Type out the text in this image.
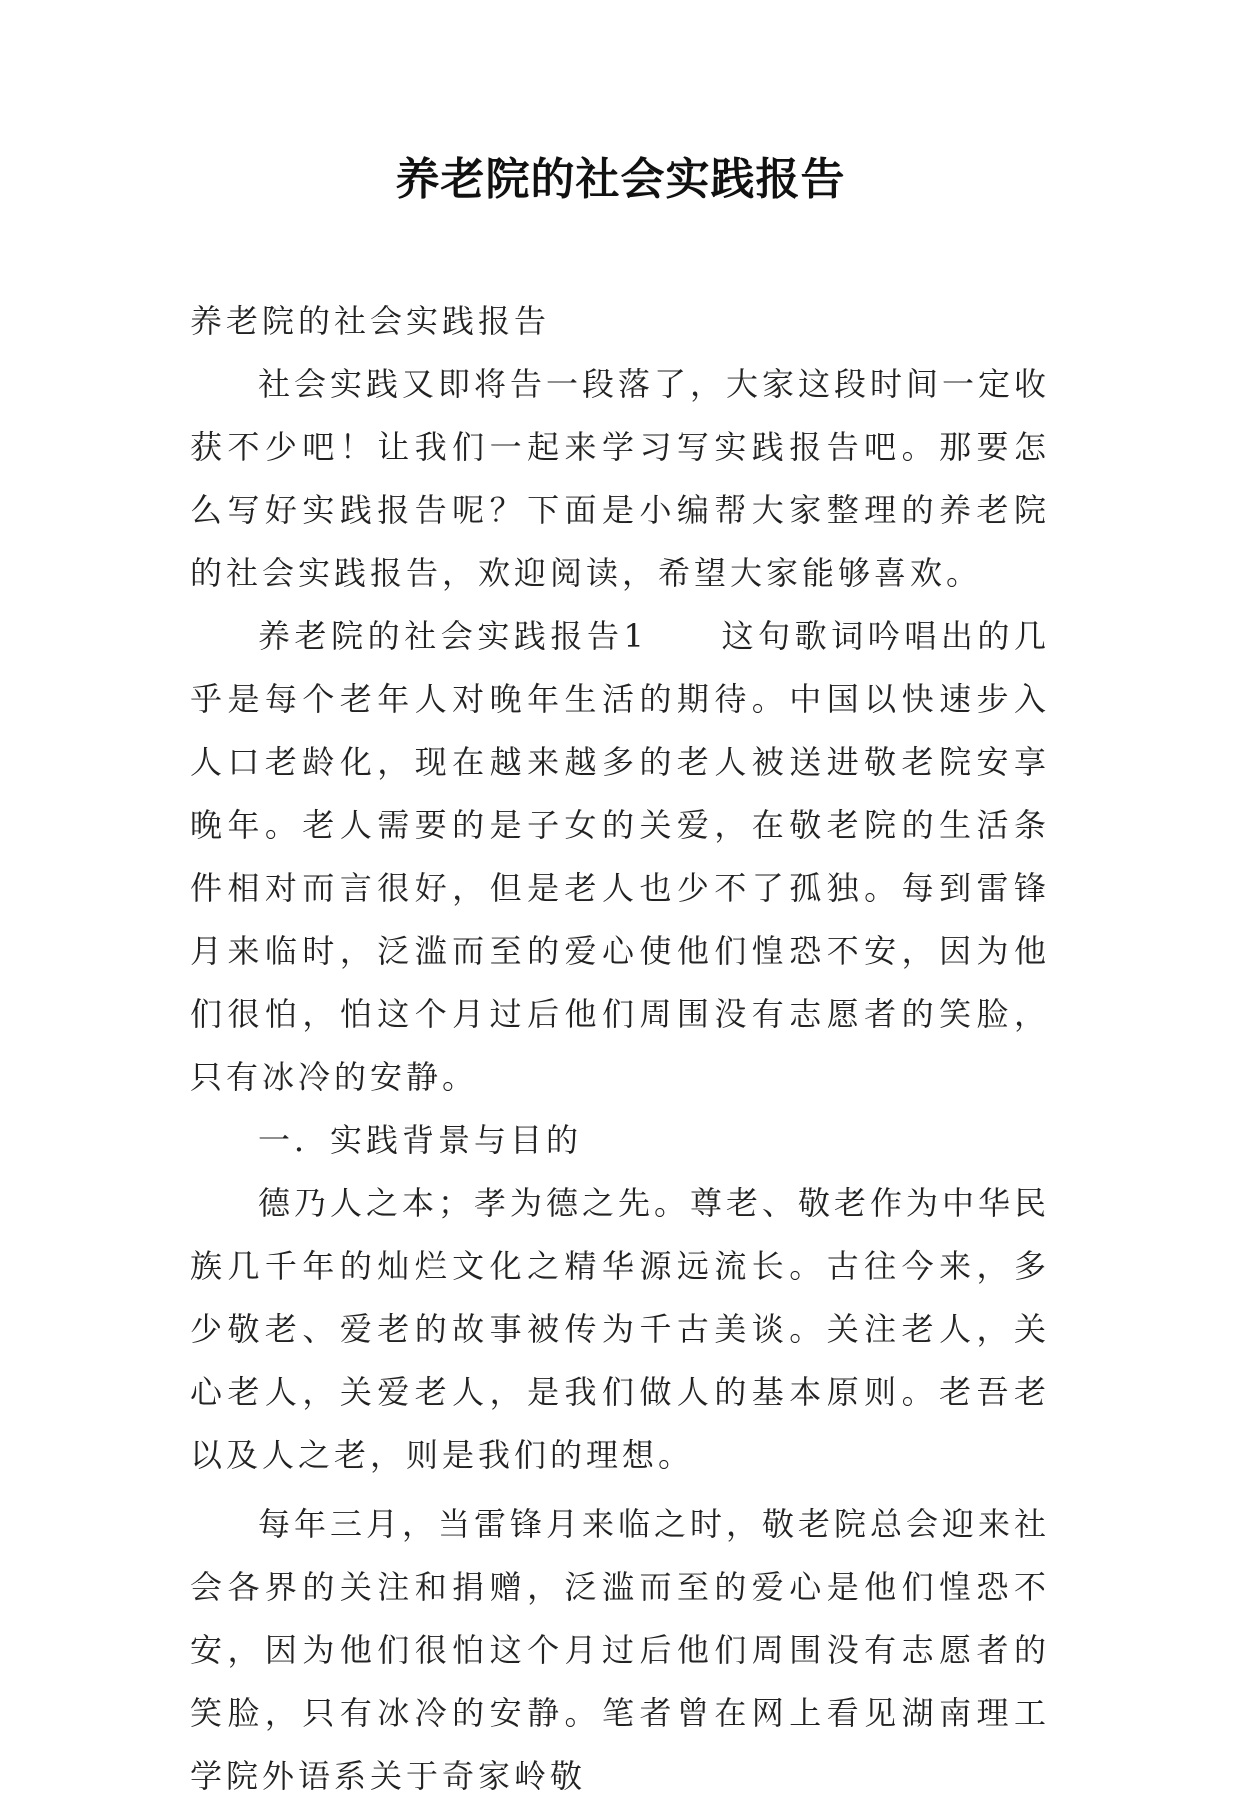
养老院的社会实践报告

养老院的社会实践报告

社会实践又即将告一段落了，大家这段时间一定收获不少吧！让我们一起来学习写实践报告吧。那要怎么写好实践报告呢？下面是小编帮大家整理的养老院的社会实践报告，欢迎阅读，希望大家能够喜欢。

养老院的社会实践报告1　　这句歌词吟唱出的几乎是每个老年人对晚年生活的期待。中国以快速步入人口老龄化，现在越来越多的老人被送进敬老院安享晚年。老人需要的是子女的关爱，在敬老院的生活条件相对而言很好，但是老人也少不了孤独。每到雷锋月来临时，泛滥而至的爱心使他们惶恐不安，因为他们很怕，怕这个月过后他们周围没有志愿者的笑脸，只有冰冷的安静。

一．实践背景与目的

德乃人之本；孝为德之先。尊老、敬老作为中华民族几千年的灿烂文化之精华源远流长。古往今来，多少敬老、爱老的故事被传为千古美谈。关注老人，关心老人，关爱老人，是我们做人的基本原则。老吾老以及人之老，则是我们的理想。

每年三月，当雷锋月来临之时，敬老院总会迎来社会各界的关注和捐赠，泛滥而至的爱心是他们惶恐不安，因为他们很怕这个月过后他们周围没有志愿者的笑脸，只有冰冷的安静。笔者曾在网上看见湖南理工学院外语系关于奇家岭敬
